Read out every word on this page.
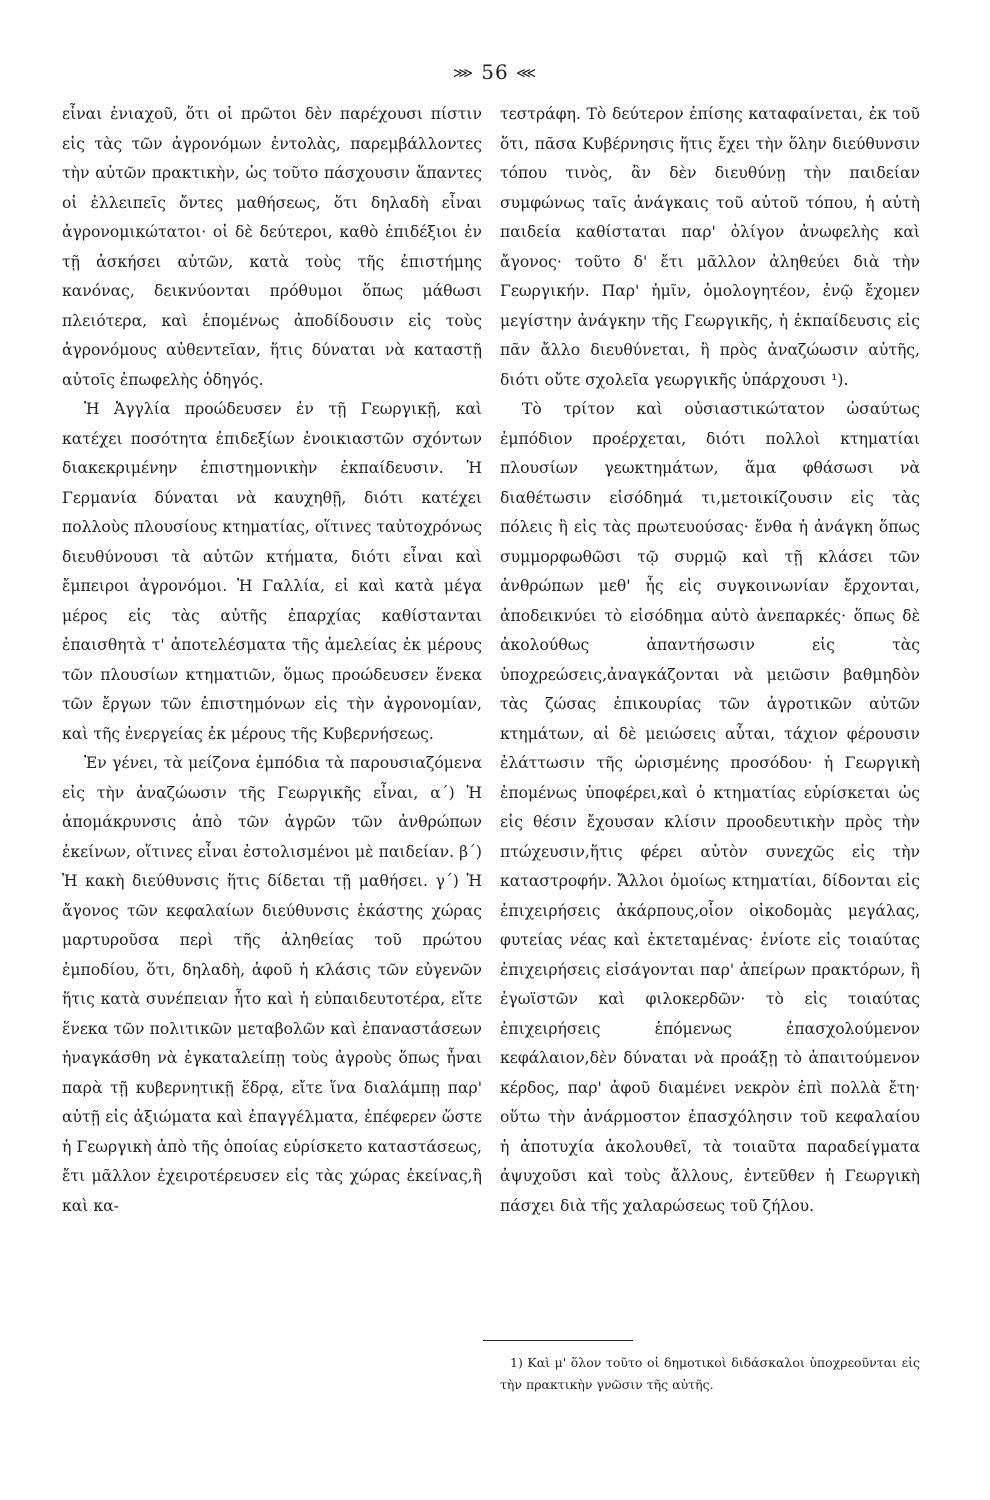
⋙ 56 ⋘

εἶναι ἐνιαχοῦ, ὅτι οἱ πρῶτοι δὲν παρέχουσι πίστιν εἰς τὰς τῶν ἀγρονόμων ἐντολὰς, παρεμβάλλοντες τὴν αὐτῶν πρακτικὴν, ὡς τοῦτο πάσχουσιν ἅπαντες οἱ ἐλλειπεῖς ὄντες μαθήσεως, ὅτι δηλαδὴ εἶναι ἀγρονομικώτατοι· οἱ δὲ δεύτεροι, καθὸ ἐπιδέξιοι ἐν τῇ ἀσκήσει αὐτῶν, κατὰ τοὺς τῆς ἐπιστήμης κανόνας, δεικνύονται πρόθυμοι ὅπως μάθωσι πλειότερα, καὶ ἑπομένως ἀποδίδουσιν εἰς τοὺς ἀγρονόμους αὐθεντεῖαν, ἥτις δύναται νὰ καταστῇ αὐτοῖς ἐπωφελὴς ὁδηγός.

Ἡ Ἀγγλία προώδευσεν ἐν τῇ Γεωργικῇ, καὶ κατέχει ποσότητα ἐπιδεξίων ἐνοικιαστῶν σχόντων διακεκριμένην ἐπιστημονικὴν ἐκπαίδευσιν. Ἡ Γερμανία δύναται νὰ καυχηθῇ, διότι κατέχει πολλοὺς πλουσίους κτηματίας, οἵτινες ταὐτοχρόνως διευθύνουσι τὰ αὐτῶν κτήματα, διότι εἶναι καὶ ἔμπειροι ἀγρονόμοι. Ἡ Γαλλία, εἰ καὶ κατὰ μέγα μέρος εἰς τὰς αὐτῆς ἐπαρχίας καθίστανται ἐπαισθητὰ τ' ἀποτελέσματα τῆς ἀμελείας ἐκ μέρους τῶν πλουσίων κτηματιῶν, ὅμως προώδευσεν ἕνεκα τῶν ἔργων τῶν ἐπιστημόνων εἰς τὴν ἀγρονομίαν, καὶ τῆς ἐνεργείας ἐκ μέρους τῆς Κυβερνήσεως.

Ἐν γένει, τὰ μείζονα ἐμπόδια τὰ παρουσιαζόμενα εἰς τὴν ἀναζώωσιν τῆς Γεωργικῆς εἶναι, α΄) Ἡ ἀπομάκρυνσις ἀπὸ τῶν ἀγρῶν τῶν ἀνθρώπων ἐκείνων, οἵτινες εἶναι ἐστολισμένοι μὲ παιδείαν. β΄) Ἡ κακὴ διεύθυνσις ἥτις δίδεται τῇ μαθήσει. γ΄) Ἡ ἄγονος τῶν κεφαλαίων διεύθυνσις ἑκάστης χώρας μαρτυροῦσα περὶ τῆς ἀληθείας τοῦ πρώτου ἐμποδίου, ὅτι, δηλαδὴ, ἀφοῦ ἡ κλάσις τῶν εὐγενῶν ἥτις κατὰ συνέπειαν ἦτο καὶ ἡ εὐπαιδευτοτέρα, εἴτε ἕνεκα τῶν πολιτικῶν μεταβολῶν καὶ ἐπαναστάσεων ἠναγκάσθη νὰ ἐγκαταλείπῃ τοὺς ἀγροὺς ὅπως ἦναι παρὰ τῇ κυβερνητικῇ ἕδρᾳ, εἴτε ἵνα διαλάμπῃ παρ' αὐτῇ εἰς ἀξιώματα καὶ ἐπαγγέλματα, ἐπέφερεν ὥστε ἡ Γεωργικὴ ἀπὸ τῆς ὁποίας εὑρίσκετο καταστάσεως, ἔτι μᾶλλον ἐχειροτέρευσεν εἰς τὰς χώρας ἐκείνας,ἢ καὶ κα-

τεστράφη. Τὸ δεύτερον ἐπίσης καταφαίνεται, ἐκ τοῦ ὅτι, πᾶσα Κυβέρνησις ἥτις ἔχει τὴν ὅλην διεύθυνσιν τόπου τινὸς, ἂν δὲν διευθύνῃ τὴν παιδείαν συμφώνως ταῖς ἀνάγκαις τοῦ αὐτοῦ τόπου, ἡ αὐτὴ παιδεία καθίσταται παρ' ὀλίγον ἀνωφελὴς καὶ ἄγονος· τοῦτο δ' ἔτι μᾶλλον ἀληθεύει διὰ τὴν Γεωργικήν. Παρ' ἡμῖν, ὁμολογητέον, ἐνῷ ἔχομεν μεγίστην ἀνάγκην τῆς Γεωργικῆς, ἡ ἐκπαίδευσις εἰς πᾶν ἄλλο διευθύνεται, ἢ πρὸς ἀναζώωσιν αὐτῆς, διότι οὔτε σχολεῖα γεωργικῆς ὑπάρχουσι ¹).

Τὸ τρίτον καὶ οὐσιαστικώτατον ὡσαύτως ἐμπόδιον προέρχεται, διότι πολλοὶ κτηματίαι πλουσίων γεωκτημάτων, ἅμα φθάσωσι νὰ διαθέτωσιν εἰσόδημά τι,μετοικίζουσιν εἰς τὰς πόλεις ἢ εἰς τὰς πρωτευούσας· ἔνθα ἡ ἀνάγκη ὅπως συμμορφωθῶσι τῷ συρμῷ καὶ τῇ κλάσει τῶν ἀνθρώπων μεθ' ἧς εἰς συγκοινωνίαν ἔρχονται, ἀποδεικνύει τὸ εἰσόδημα αὐτὸ ἀνεπαρκές· ὅπως δὲ ἀκολούθως ἀπαντήσωσιν εἰς τὰς ὑποχρεώσεις,ἀναγκάζονται νὰ μειῶσιν βαθμηδὸν τὰς ζώσας ἐπικουρίας τῶν ἀγροτικῶν αὐτῶν κτημάτων, αἱ δὲ μειώσεις αὗται, τάχιον φέρουσιν ἐλάττωσιν τῆς ὡρισμένης προσόδου· ἡ Γεωργικὴ ἑπομένως ὑποφέρει,καὶ ὁ κτηματίας εὑρίσκεται ὡς εἰς θέσιν ἔχουσαν κλίσιν προοδευτικὴν πρὸς τὴν πτώχευσιν,ἥτις φέρει αὐτὸν συνεχῶς εἰς τὴν καταστροφήν. Ἄλλοι ὁμοίως κτηματίαι, δίδονται εἰς ἐπιχειρήσεις ἀκάρπους,οἷον οἰκοδομὰς μεγάλας, φυτείας νέας καὶ ἐκτεταμένας· ἐνίοτε εἰς τοιαύτας ἐπιχειρήσεις εἰσάγονται παρ' ἀπείρων πρακτόρων, ἢ ἐγωϊστῶν καὶ φιλοκερδῶν· τὸ εἰς τοιαύτας ἐπιχειρήσεις ἑπόμενως ἐπασχολούμενον κεφάλαιον,δὲν δύναται νὰ προάξῃ τὸ ἀπαιτούμενον κέρδος, παρ' ἀφοῦ διαμένει νεκρὸν ἐπὶ πολλὰ ἔτη· οὕτω τὴν ἀνάρμοστον ἐπασχόλησιν τοῦ κεφαλαίου ἡ ἀποτυχία ἀκολουθεῖ, τὰ τοιαῦτα παραδείγματα ἀψυχοῦσι καὶ τοὺς ἄλλους, ἐντεῦθεν ἡ Γεωργικὴ πάσχει διὰ τῆς χαλαρώσεως τοῦ ζήλου.

1) Καὶ μ' ὅλον τοῦτο οἱ δημοτικοὶ διδάσκαλοι ὑποχρεοῦνται εἰς τὴν πρακτικὴν γνῶσιν τῆς αὐτῆς.
